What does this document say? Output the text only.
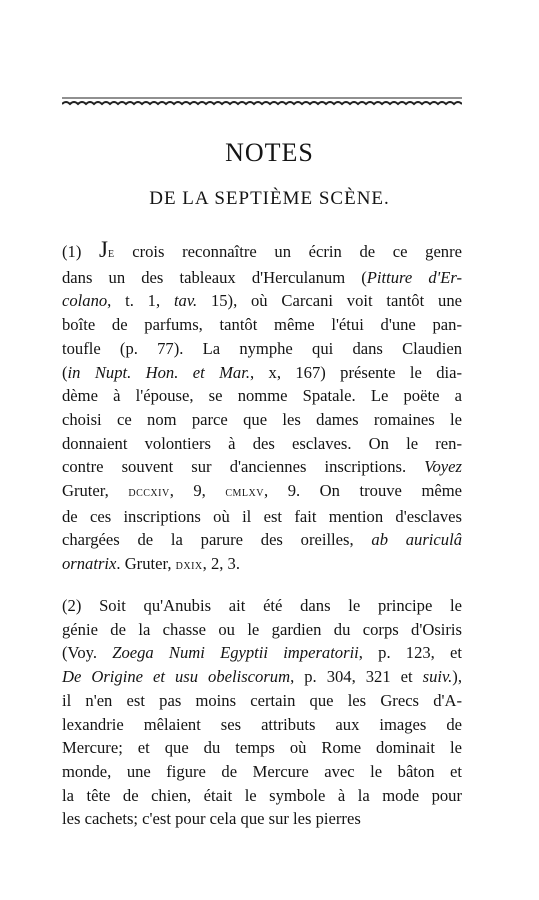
NOTES
DE LA SEPTIÈME SCÈNE.
(1) Je crois reconnaître un écrin de ce genre
dans un des tableaux d'Herculanum (Pitture d'Er-
colano, t. 1, tav. 15), où Carcani voit tantôt une
boîte de parfums, tantôt même l'étui d'une pan-
toufle (p. 77). La nymphe qui dans Claudien
(in Nupt. Hon. et Mar., x, 167) présente le dia-
dème à l'épouse, se nomme Spatale. Le poëte a
choisi ce nom parce que les dames romaines le
donnaient volontiers à des esclaves. On le ren-
contre souvent sur d'anciennes inscriptions. Voyez
Gruter, dccxiv, 9, cmlxv, 9. On trouve même
de ces inscriptions où il est fait mention d'esclaves
chargées de la parure des oreilles, ab auriculâ
ornatrix. Gruter, dxix, 2, 3.
(2) Soit qu'Anubis ait été dans le principe le
génie de la chasse ou le gardien du corps d'Osiris
(Voy. Zoega Numi Egyptii imperatorii, p. 123, et
De Origine et usu obeliscorum, p. 304, 321 et suiv.),
il n'en est pas moins certain que les Grecs d'A-
lexandrie mêlaient ses attributs aux images de
Mercure; et que du temps où Rome dominait le
monde, une figure de Mercure avec le bâton et
la tête de chien, était le symbole à la mode pour
les cachets; c'est pour cela que sur les pierres
